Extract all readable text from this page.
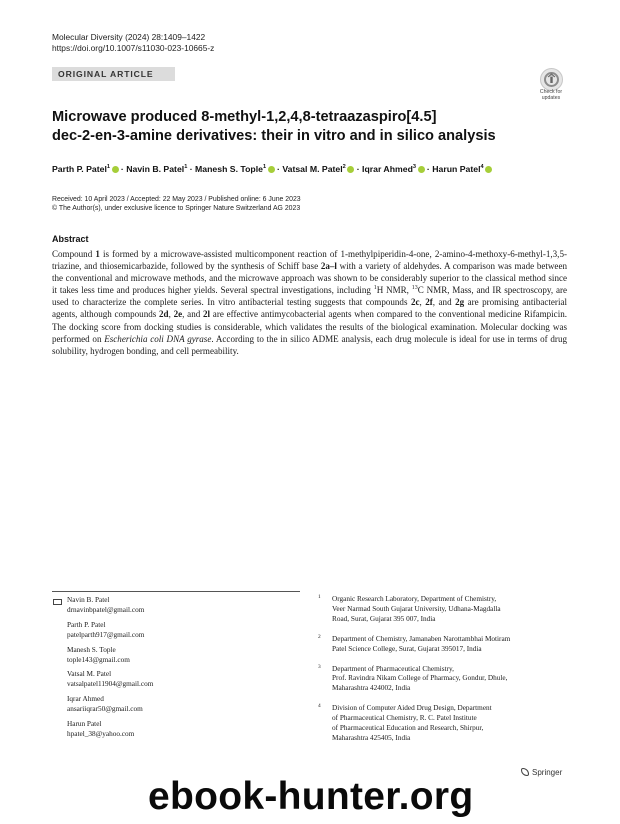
Molecular Diversity (2024) 28:1409–1422
https://doi.org/10.1007/s11030-023-10665-z
ORIGINAL ARTICLE
Check for
updates
Microwave produced 8-methyl-1,2,4,8-tetraazaspiro[4.5]
dec-2-en-3-amine derivatives: their in vitro and in silico analysis
Parth P. Patel$^1$ · Navin B. Patel$^1$ · Manesh S. Tople$^1$ · Vatsal M. Patel$^2$ · Iqrar Ahmed$^3$ · Harun Patel$^4$
Received: 10 April 2023 / Accepted: 22 May 2023 / Published online: 6 June 2023
© The Author(s), under exclusive licence to Springer Nature Switzerland AG 2023
Abstract
Compound 1 is formed by a microwave-assisted multicomponent reaction of 1-methylpiperidin-4-one, 2-amino-4-methoxy-6-methyl-1,3,5-triazine, and thiosemicarbazide, followed by the synthesis of Schiff base 2a–l with a variety of aldehydes. A comparison was made between the conventional and microwave methods, and the microwave approach was shown to be considerably superior to the classical method since it takes less time and produces higher yields. Several spectral investigations, including $^1$H NMR, $^{13}$C NMR, Mass, and IR spectroscopy, are used to characterize the complete series. In vitro antibacterial testing suggests that compounds 2c, 2f, and 2g are promising antibacterial agents, although compounds 2d, 2e, and 2l are effective antimycobacterial agents when compared to the conventional medicine Rifampicin. The docking score from docking studies is considerable, which validates the results of the biological examination. Molecular docking was performed on Escherichia coli DNA gyrase. According to the in silico ADME analysis, each drug molecule is ideal for use in terms of drug solubility, hydrogen bonding, and cell permeability.
Navin B. Patel
drnavinbpatel@gmail.com
Parth P. Patel
patelparth917@gmail.com
Manesh S. Tople
tople143@gmail.com
Vatsal M. Patel
vatsalpatel11904@gmail.com
Iqrar Ahmed
ansariiqrar50@gmail.com
Harun Patel
hpatel_38@yahoo.com
1 Organic Research Laboratory, Department of Chemistry,
Veer Narmad South Gujarat University, Udhana-Magdalla
Road, Surat, Gujarat 395 007, India
2 Department of Chemistry, Jamanaben Narottambhai Motiram
Patel Science College, Surat, Gujarat 395017, India
3 Department of Pharmaceutical Chemistry,
Prof. Ravindra Nikam College of Pharmacy, Gondur, Dhule,
Maharashtra 424002, India
4 Division of Computer Aided Drug Design, Department
of Pharmaceutical Chemistry, R. C. Patel Institute
of Pharmaceutical Education and Research, Shirpur,
Maharashtra 425405, India
Springer
ebook-hunter.org
